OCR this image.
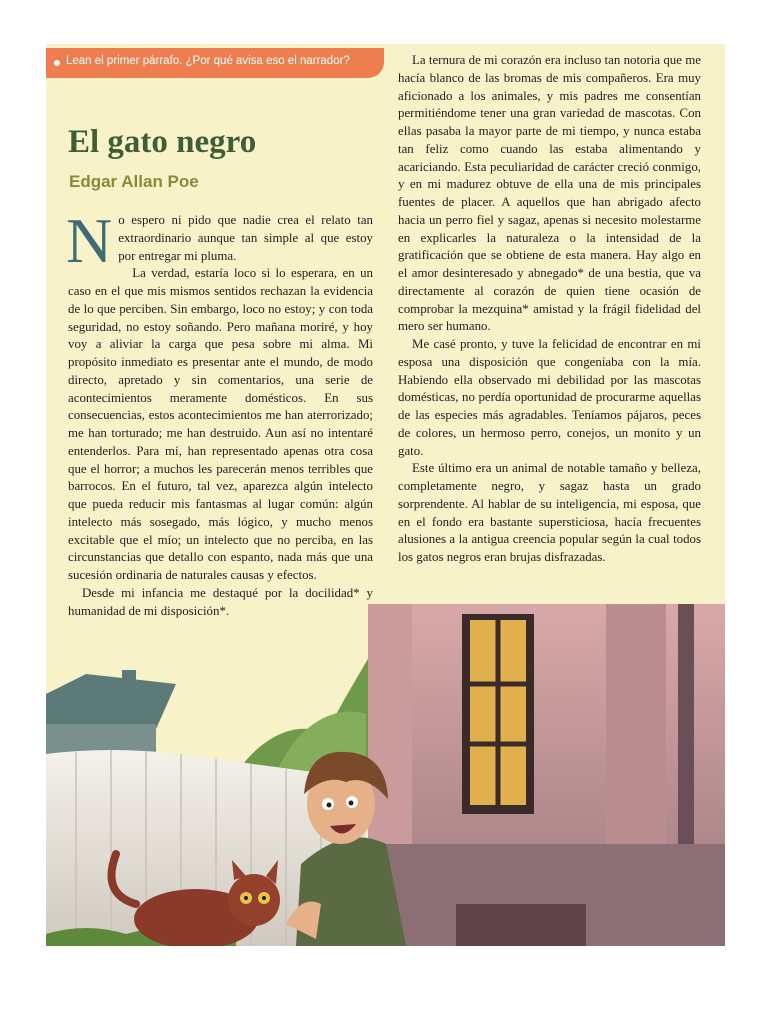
Lean el primer párrafo. ¿Por qué avisa eso el narrador?
El gato negro
Edgar Allan Poe

No espero ni pido que nadie crea el relato tan extraordinario aunque tan simple al que estoy por entregar mi pluma.

La verdad, estaría loco si lo esperara, en un caso en el que mis mismos sentidos rechazan la evidencia de lo que perciben. Sin embargo, loco no estoy; y con toda seguridad, no estoy soñando. Pero mañana moriré, y hoy voy a aliviar la carga que pesa sobre mi alma. Mi propósito inmediato es presentar ante el mundo, de modo directo, apretado y sin comentarios, una serie de acontecimientos meramente domésticos. En sus consecuencias, estos acontecimientos me han aterrorizado; me han torturado; me han destruido. Aun así no intentaré entenderlos. Para mí, han representado apenas otra cosa que el horror; a muchos les parecerán menos terribles que barrocos. En el futuro, tal vez, aparezca algún intelecto que pueda reducir mis fantasmas al lugar común: algún intelecto más sosegado, más lógico, y mucho menos excitable que el mío; un intelecto que no perciba, en las circunstancias que detallo con espanto, nada más que una sucesión ordinaria de naturales causas y efectos.

Desde mi infancia me destaqué por la docilidad* y humanidad de mi disposición*.

La ternura de mi corazón era incluso tan notoria que me hacía blanco de las bromas de mis compañeros. Era muy aficionado a los animales, y mis padres me consentían permitiéndome tener una gran variedad de mascotas. Con ellas pasaba la mayor parte de mi tiempo, y nunca estaba tan feliz como cuando las estaba alimentando y acariciando. Esta peculiaridad de carácter creció conmigo, y en mi madurez obtuve de ella una de mis principales fuentes de placer. A aquellos que han abrigado afecto hacia un perro fiel y sagaz, apenas si necesito molestarme en explicarles la naturaleza o la intensidad de la gratificación que se obtiene de esta manera. Hay algo en el amor desinteresado y abnegado* de una bestia, que va directamente al corazón de quien tiene ocasión de comprobar la mezquina* amistad y la frágil fidelidad del mero ser humano.

Me casé pronto, y tuve la felicidad de encontrar en mi esposa una disposición que congeniaba con la mía. Habiendo ella observado mi debilidad por las mascotas domésticas, no perdía oportunidad de procurarme aquellas de las especies más agradables. Teníamos pájaros, peces de colores, un hermoso perro, conejos, un monito y un gato.

Este último era un animal de notable tamaño y belleza, completamente negro, y sagaz hasta un grado sorprendente. Al hablar de su inteligencia, mi esposa, que en el fondo era bastante supersticiosa, hacía frecuentes alusiones a la antigua creencia popular según la cual todos los gatos negros eran brujas disfrazadas.
